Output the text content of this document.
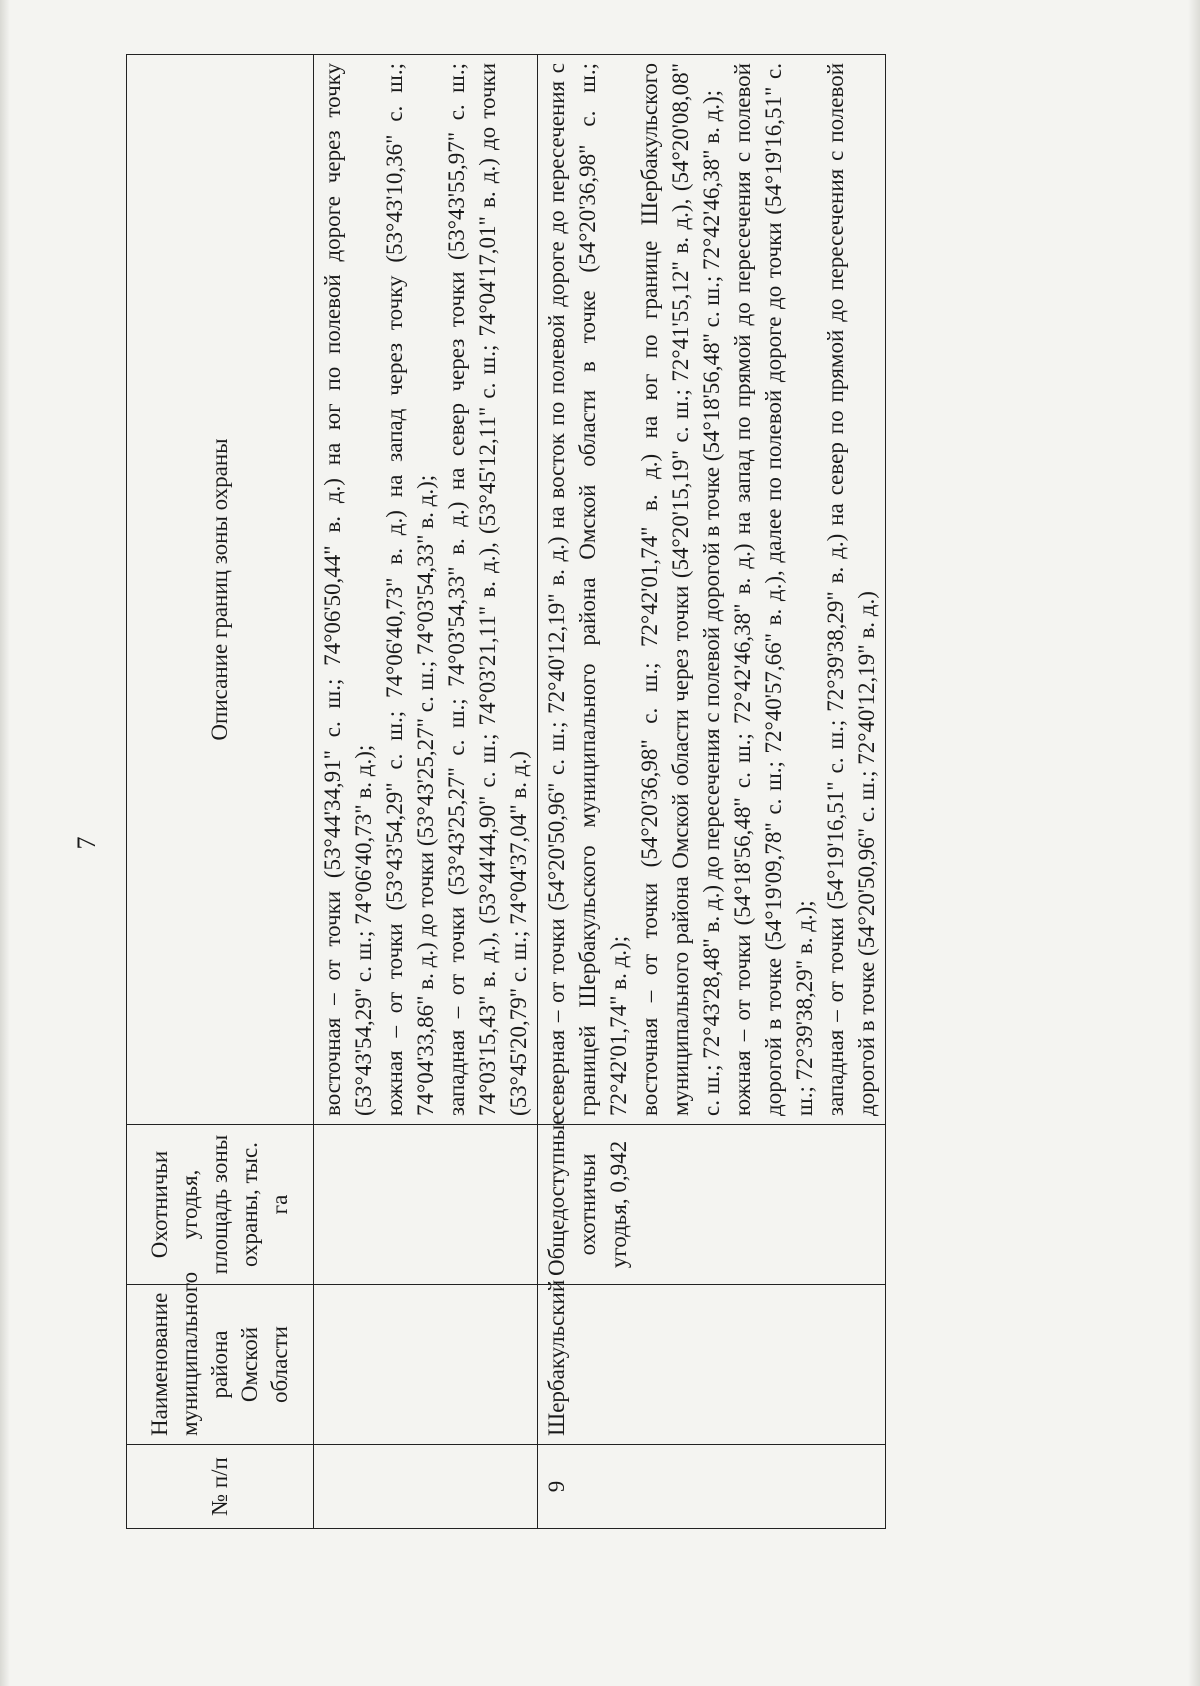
7
№ п/п	Наименование муниципального района Омской области	Охотничьи угодья, площадь зоны охраны, тыс. га	Описание границ зоны охраны

			восточная – от точки (53°44'34,91" с. ш.; 74°06'50,44" в. д.) на юг по полевой дороге через точку (53°43'54,29" с. ш.; 74°06'40,73" в. д.); южная – от точки (53°43'54,29" с. ш.; 74°06'40,73" в. д.) на запад через точку (53°43'10,36" с. ш.; 74°04'33,86" в. д.) до точки (53°43'25,27" с. ш.; 74°03'54,33" в. д.); западная – от точки (53°43'25,27" с. ш.; 74°03'54,33" в. д.) на север через точки (53°43'55,97" с. ш.; 74°03'15,43" в. д.), (53°44'44,90" с. ш.; 74°03'21,11" в. д.), (53°45'12,11" с. ш.; 74°04'17,01" в. д.) до точки (53°45'20,79" с. ш.; 74°04'37,04" в. д.)

9	Шербакульский	Общедоступные охотничьи угодья, 0,942	северная – от точки (54°20'50,96" с. ш.; 72°40'12,19" в. д.) на восток по полевой дороге до пересечения с границей Шербакульского муниципального района Омской области в точке (54°20'36,98" с. ш.; 72°42'01,74" в. д.); восточная – от точки (54°20'36,98" с. ш.; 72°42'01,74" в. д.) на юг по границе Шербакульского муниципального района Омской области через точки (54°20'15,19" с. ш.; 72°41'55,12" в. д.), (54°20'08,08" с. ш.; 72°43'28,48" в. д.) до пересечения с полевой дорогой в точке (54°18'56,48" с. ш.; 72°42'46,38" в. д.); южная – от точки (54°18'56,48" с. ш.; 72°42'46,38" в. д.) на запад по прямой до пересечения с полевой дорогой в точке (54°19'09,78" с. ш.; 72°40'57,66" в. д.), далее по полевой дороге до точки (54°19'16,51" с. ш.; 72°39'38,29" в. д.); западная – от точки (54°19'16,51" с. ш.; 72°39'38,29" в. д.) на север по прямой до пересечения с полевой дорогой в точке (54°20'50,96" с. ш.; 72°40'12,19" в. д.)
